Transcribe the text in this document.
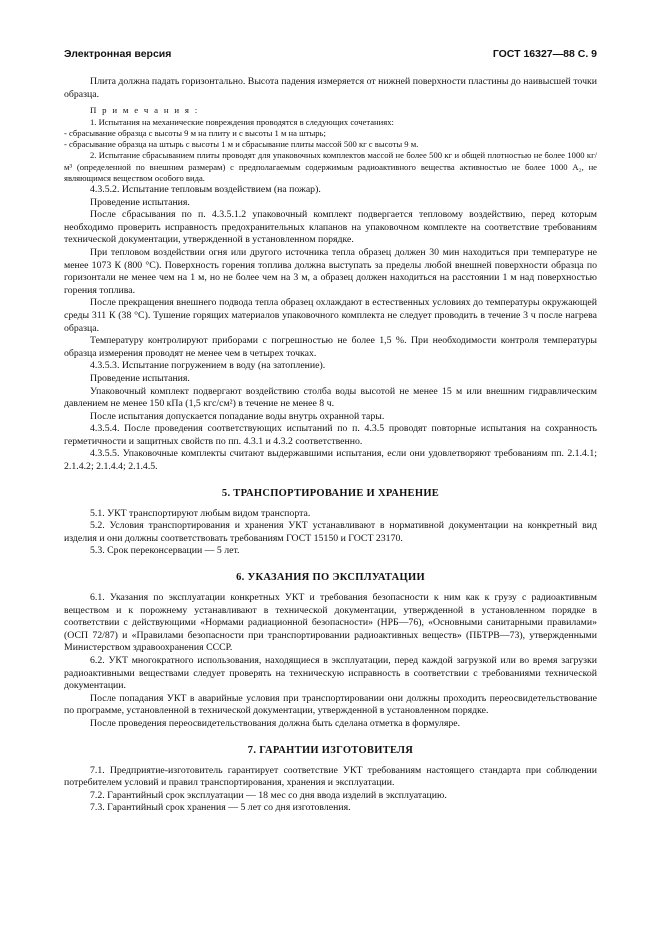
Электронная версия	ГОСТ 16327—88 С. 9

Плита должна падать горизонтально. Высота падения измеряется от нижней поверхности пластины до наивысшей точки образца.

П р и м е ч а н и я :

1. Испытания на механические повреждения проводятся в следующих сочетаниях:

- сбрасывание образца с высоты 9 м на плиту и с высоты 1 м на штырь;

- сбрасывание образца на штырь с высоты 1 м и сбрасывание плиты массой 500 кг с высоты 9 м.

2. Испытание сбрасыванием плиты проводят для упаковочных комплектов массой не более 500 кг и общей плотностью не более 1000 кг/м³ (определенной по внешним размерам) с предполагаемым содержимым радиоактивного вещества активностью не более 1000 A₂, не являющимся веществом особого вида.

4.3.5.2. Испытание тепловым воздействием (на пожар).

Проведение испытания.

После сбрасывания по п. 4.3.5.1.2 упаковочный комплект подвергается тепловому воздействию, перед которым необходимо проверить исправность предохранительных клапанов на упаковочном комплекте на соответствие требованиям технической документации, утвержденной в установленном порядке.

При тепловом воздействии огня или другого источника тепла образец должен 30 мин находиться при температуре не менее 1073 К (800 °С). Поверхность горения топлива должна выступать за пределы любой внешней поверхности образца по горизонтали не менее чем на 1 м, но не более чем на 3 м, а образец должен находиться на расстоянии 1 м над поверхностью горения топлива.

После прекращения внешнего подвода тепла образец охлаждают в естественных условиях до температуры окружающей среды 311 К (38 °С). Тушение горящих материалов упаковочного комплекта не следует проводить в течение 3 ч после нагрева образца.

Температуру контролируют приборами с погрешностью не более 1,5 %. При необходимости контроля температуры образца измерения проводят не менее чем в четырех точках.

4.3.5.3. Испытание погружением в воду (на затопление).

Проведение испытания.

Упаковочный комплект подвергают воздействию столба воды высотой не менее 15 м или внешним гидравлическим давлением не менее 150 кПа (1,5 кгс/см²) в течение не менее 8 ч.

После испытания допускается попадание воды внутрь охранной тары.

4.3.5.4. После проведения соответствующих испытаний по п. 4.3.5 проводят повторные испытания на сохранность герметичности и защитных свойств по пп. 4.3.1 и 4.3.2 соответственно.

4.3.5.5. Упаковочные комплекты считают выдержавшими испытания, если они удовлетворяют требованиям пп. 2.1.4.1; 2.1.4.2; 2.1.4.4; 2.1.4.5.

5. ТРАНСПОРТИРОВАНИЕ И ХРАНЕНИЕ

5.1. УКТ транспортируют любым видом транспорта.

5.2. Условия транспортирования и хранения УКТ устанавливают в нормативной документации на конкретный вид изделия и они должны соответствовать требованиям ГОСТ 15150 и ГОСТ 23170.

5.3. Срок переконсервации — 5 лет.

6. УКАЗАНИЯ ПО ЭКСПЛУАТАЦИИ

6.1. Указания по эксплуатации конкретных УКТ и требования безопасности к ним как к грузу с радиоактивным веществом и к порожнему устанавливают в технической документации, утвержденной в установленном порядке в соответствии с действующими «Нормами радиационной безопасности» (НРБ—76), «Основными санитарными правилами» (ОСП 72/87) и «Правилами безопасности при транспортировании радиоактивных веществ» (ПБТРВ—73), утвержденными Министерством здравоохранения СССР.

6.2. УКТ многократного использования, находящиеся в эксплуатации, перед каждой загрузкой или во время загрузки радиоактивными веществами следует проверять на техническую исправность в соответствии с требованиями технической документации.

После попадания УКТ в аварийные условия при транспортировании они должны проходить переосвидетельствование по программе, установленной в технической документации, утвержденной в установленном порядке.

После проведения переосвидетельствования должна быть сделана отметка в формуляре.

7. ГАРАНТИИ ИЗГОТОВИТЕЛЯ

7.1. Предприятие-изготовитель гарантирует соответствие УКТ требованиям настоящего стандарта при соблюдении потребителем условий и правил транспортирования, хранения и эксплуатации.

7.2. Гарантийный срок эксплуатации — 18 мес со дня ввода изделий в эксплуатацию.

7.3. Гарантийный срок хранения — 5 лет со дня изготовления.
